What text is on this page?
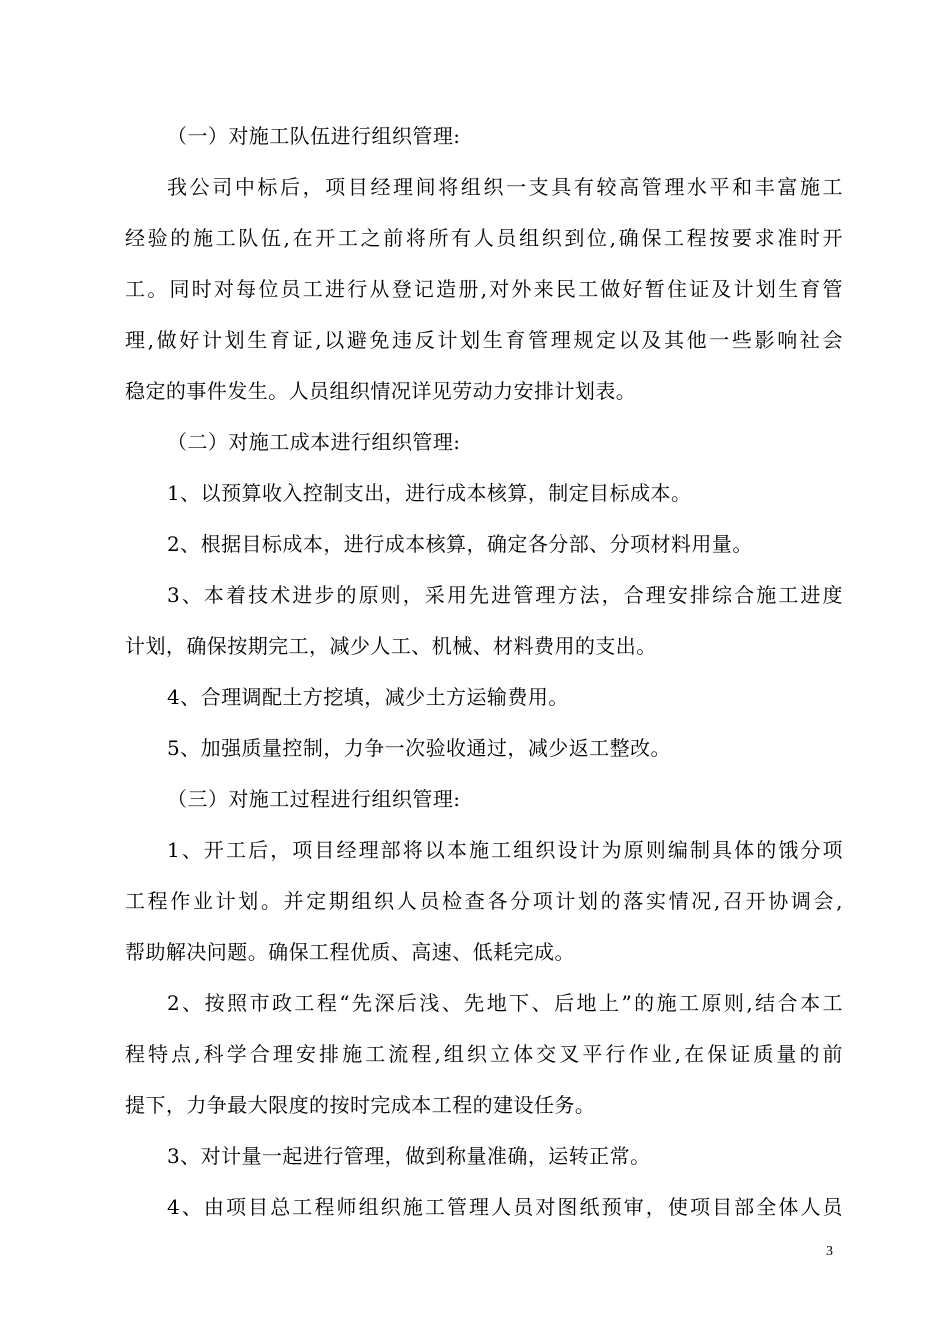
（一）对施工队伍进行组织管理:
我公司中标后，项目经理间将组织一支具有较高管理水平和丰富施工
经验的施工队伍,在开工之前将所有人员组织到位,确保工程按要求准时开
工。同时对每位员工进行从登记造册,对外来民工做好暂住证及计划生育管
理,做好计划生育证,以避免违反计划生育管理规定以及其他一些影响社会
稳定的事件发生。人员组织情况详见劳动力安排计划表。
（二）对施工成本进行组织管理:
1、以预算收入控制支出，进行成本核算，制定目标成本。
2、根据目标成本，进行成本核算，确定各分部、分项材料用量。
3、本着技术进步的原则，采用先进管理方法，合理安排综合施工进度
计划，确保按期完工，减少人工、机械、材料费用的支出。
4、合理调配土方挖填，减少土方运输费用。
5、加强质量控制，力争一次验收通过，减少返工整改。
（三）对施工过程进行组织管理:
1、开工后，项目经理部将以本施工组织设计为原则编制具体的饿分项
工程作业计划。并定期组织人员检查各分项计划的落实情况,召开协调会,
帮助解决问题。确保工程优质、高速、低耗完成。
2、按照市政工程“先深后浅、先地下、后地上”的施工原则,结合本工
程特点,科学合理安排施工流程,组织立体交叉平行作业,在保证质量的前
提下，力争最大限度的按时完成本工程的建设任务。
3、对计量一起进行管理，做到称量准确，运转正常。
4、由项目总工程师组织施工管理人员对图纸预审，使项目部全体人员
3
